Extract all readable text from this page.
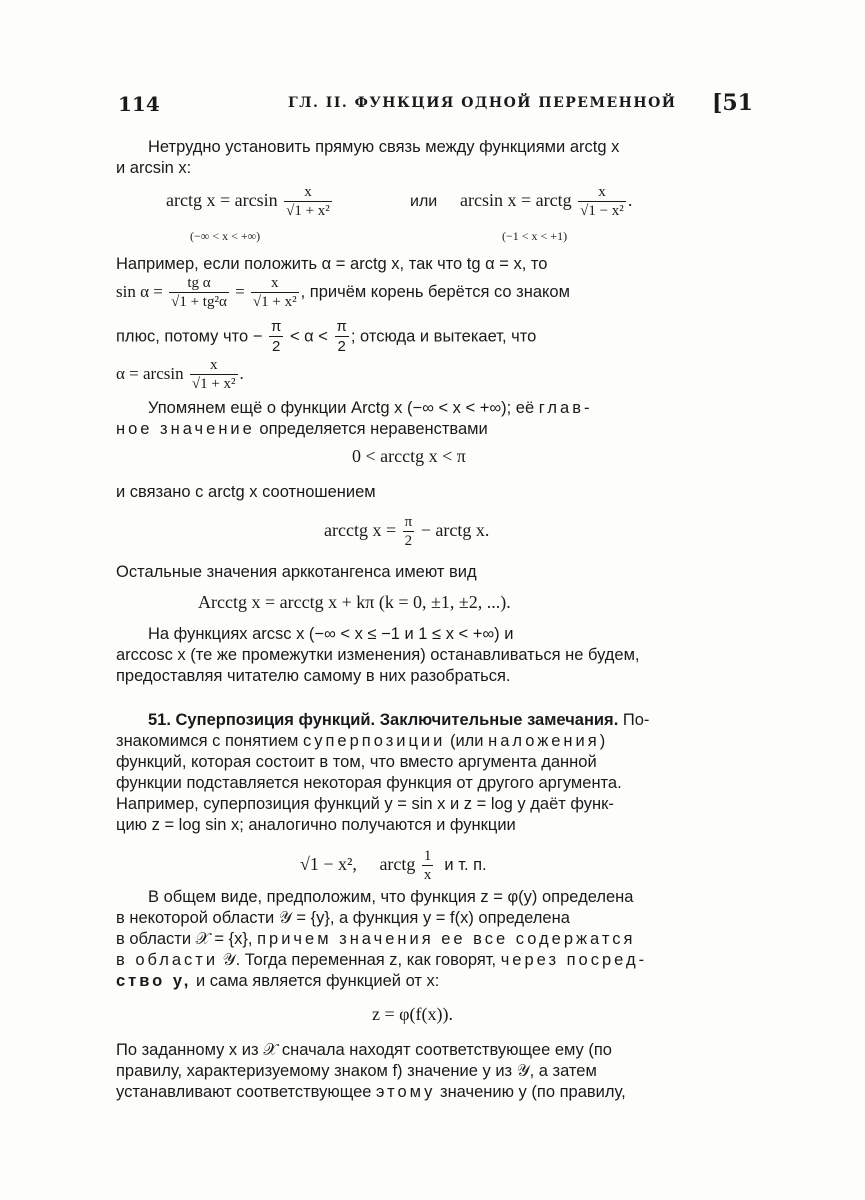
114	ГЛ. II. ФУНКЦИЯ ОДНОЙ ПЕРЕМЕННОЙ [51
Нетрудно установить прямую связь между функциями arctg x
и arcsin x:
arctg $x = \arcsin \frac{x}{\text{√1 + x²}}$
(−∞ < x < +∞)
или arcsin x = arctg $\frac{x}{\text{√1 − x²}}$ .
(−1 < x < +1)
Например, если положить α = arctg x, так что tg α = x, то
$\sin \alpha = \frac{\text{tg α}}{\text{√1 + tg²α}} = \frac{x}{\text{√1 + x²}}$ , причём корень берётся со знаком
плюс, потому что − $\frac{\pi}{2} < \alpha < \frac{\pi}{2}$ ; отсюда и вытекает, что
$\alpha = \arcsin \frac{x}{\text{√1 + x²}}$ .
Упомянем ещё о функции Arctg x (−∞ < x < +∞); её глав-
ное значение определяется неравенствами
0 < arcctg x < π
и связано с arctg x соотношением
arcctg $x = \frac{\pi}{2}$ − arctg x.
Остальные значения арккотангенса имеют вид
Arcctg x = arcctg x + kπ (k = 0, ±1, ±2, ...).
На функциях arcsc x (−∞ < x ≤ −1 и 1 ≤ x < +∞) и
arccosc x (те же промежутки изменения) останавливаться не будем,
предоставляя читателю самому в них разобраться.
51. Суперпозиция функций. Заключительные замечания. По-
знакомимся с понятием суперпозиции (или наложения)
функций, которая состоит в том, что вместо аргумента данной
функции подставляется некоторая функция от другого аргумента.
Например, суперпозиция функций y = sin x и z = log y даёт функ-
цию z = log sin x; аналогично получаются и функции
√1 − x², arctg $\frac{1}{x}$ и т. п.
В общем виде, предположим, что функция z = φ(y) определена
в некоторой области 𝒴 = {y}, а функция y = f(x) определена
в области 𝒳 = {x}, причем значения ее все содержатся
в области 𝒴. Тогда переменная z, как говорят, через посред-
ство y, и сама является функцией от x:
z = φ(f(x)).
По заданному x из 𝒳 сначала находят соответствующее ему (по
правилу, характеризуемому знаком f) значение y из 𝒴, а затем
устанавливают соответствующее этому значению y (по правилу,
